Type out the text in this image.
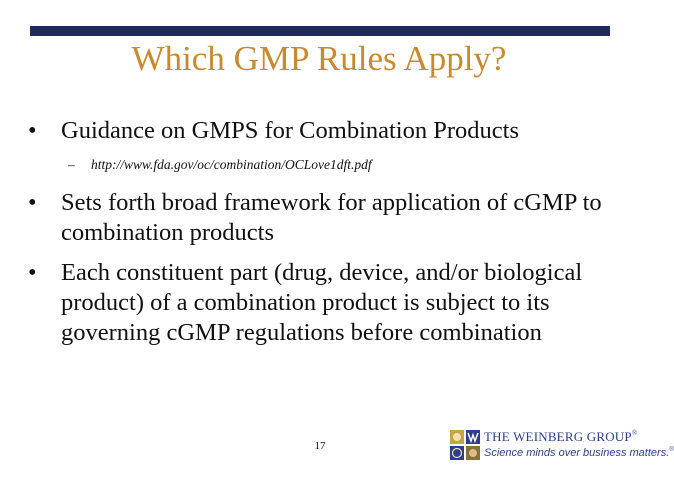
Which GMP Rules Apply?
• Guidance on GMPS for Combination Products
– http://www.fda.gov/oc/combination/OCLove1dft.pdf
• Sets forth broad framework for application of cGMP to combination products
• Each constituent part (drug, device, and/or biological product) of a combination product is subject to its governing cGMP regulations before combination
17
THE WEINBERG GROUP®
Science minds over business matters.®
